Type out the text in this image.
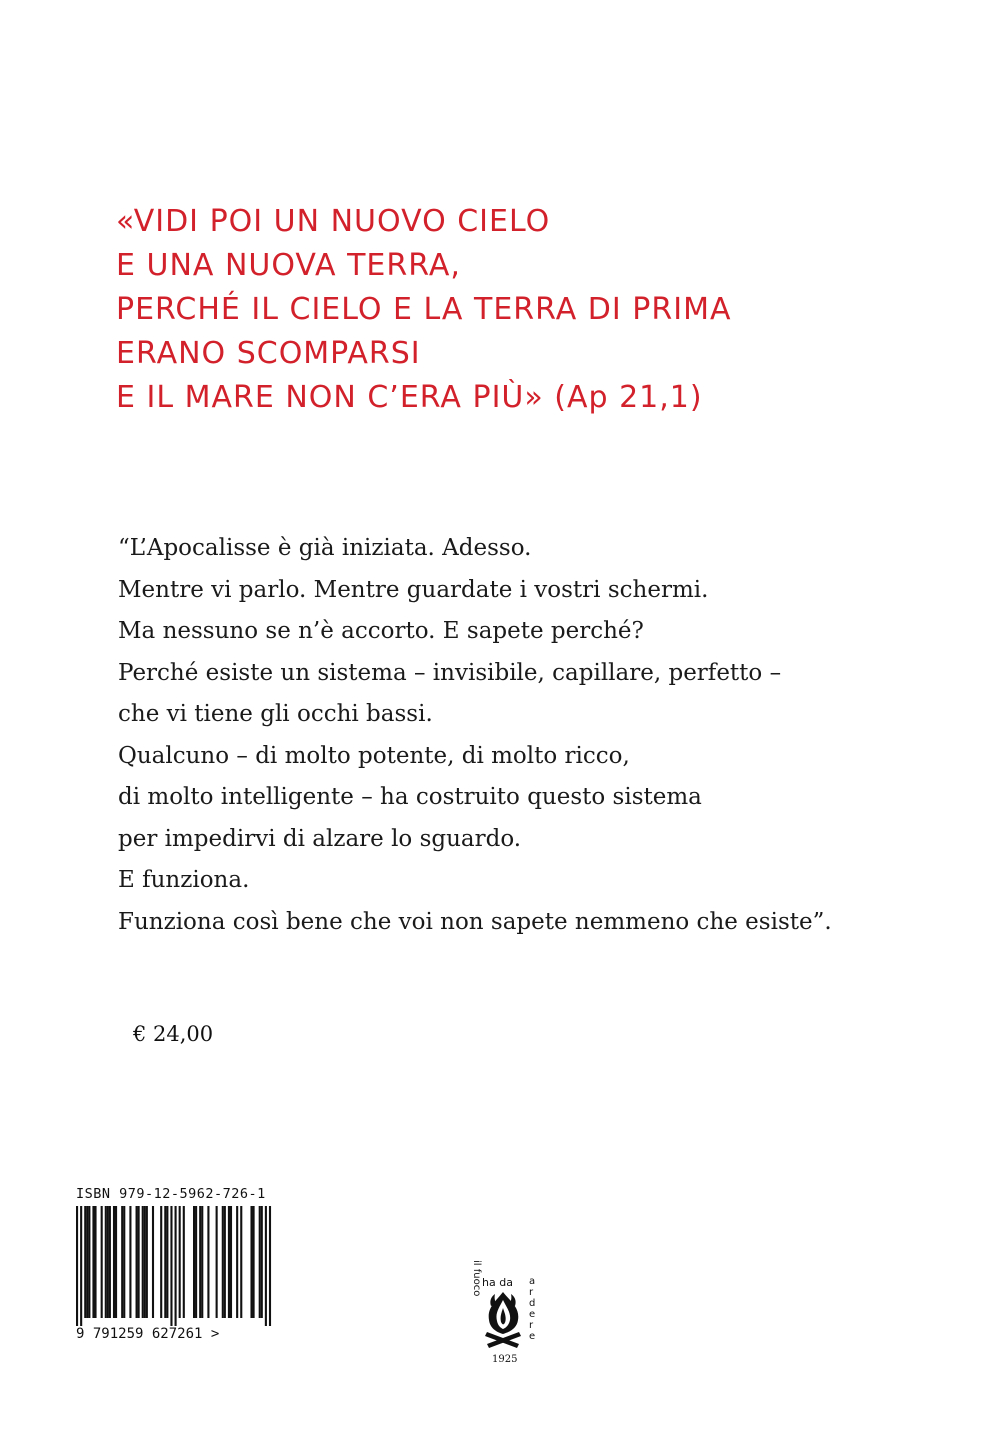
«VIDI POI UN NUOVO CIELO
E UNA NUOVA TERRA,
PERCHÉ IL CIELO E LA TERRA DI PRIMA
ERANO SCOMPARSI
E IL MARE NON C’ERA PIÙ» (Ap 21,1)
“L’Apocalisse è già iniziata. Adesso.
Mentre vi parlo. Mentre guardate i vostri schermi.
Ma nessuno se n’è accorto. E sapete perché?
Perché esiste un sistema – invisibile, capillare, perfetto –
che vi tiene gli occhi bassi.
Qualcuno – di molto potente, di molto ricco,
di molto intelligente – ha costruito questo sistema
per impedirvi di alzare lo sguardo.
E funziona.
Funziona così bene che voi non sapete nemmeno che esiste”.
ISBN 979-12-5962-726-1
9 791259 627261 >
€ 24,00
il fuoco ha da a
r
d
e
r
e
1925
